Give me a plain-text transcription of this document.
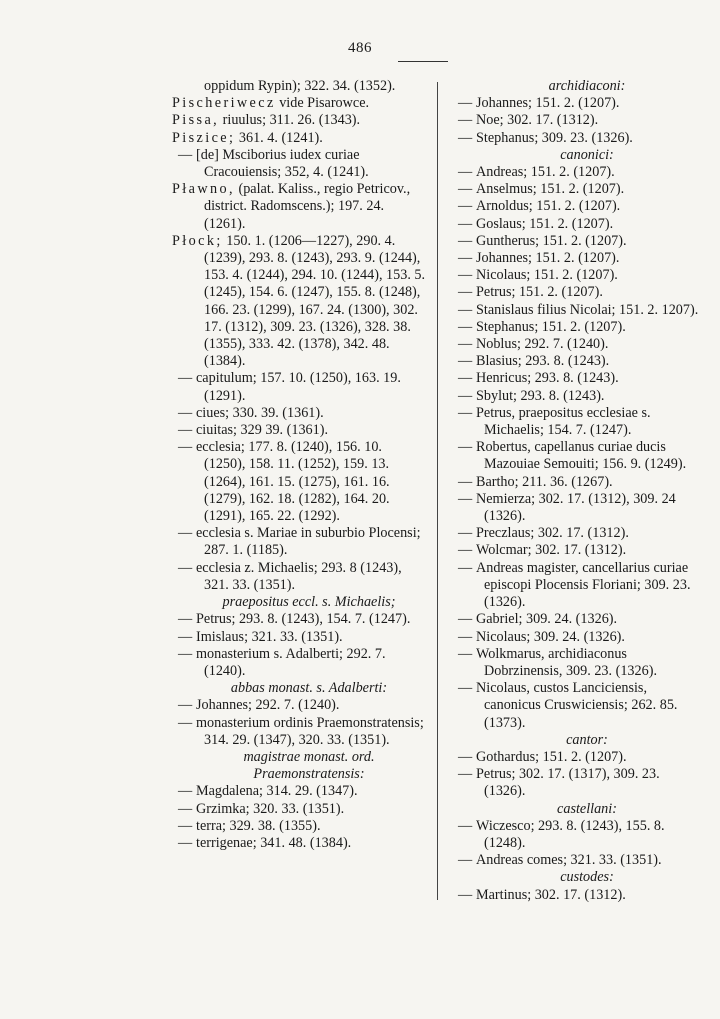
486

oppidum Rypin); 322. 34. (1352).

Pischeriwecz vide Pisarowce.

Pissa, riuulus; 311. 26. (1343).

Piszice; 361. 4. (1241).

— [de] Msciborius iudex curiae Cracouiensis; 352, 4. (1241).

Pławno, (palat. Kaliss., regio Petricov., district. Radomscens.); 197. 24. (1261).

Płock; 150. 1. (1206—1227), 290. 4. (1239), 293. 8. (1243), 293. 9. (1244), 153. 4. (1244), 294. 10. (1244), 153. 5. (1245), 154. 6. (1247), 155. 8. (1248), 166. 23. (1299), 167. 24. (1300), 302. 17. (1312), 309. 23. (1326), 328. 38. (1355), 333. 42. (1378), 342. 48. (1384).

— capitulum; 157. 10. (1250), 163. 19. (1291).

— ciues; 330. 39. (1361).

— ciuitas; 329 39. (1361).

— ecclesia; 177. 8. (1240), 156. 10. (1250), 158. 11. (1252), 159. 13. (1264), 161. 15. (1275), 161. 16. (1279), 162. 18. (1282), 164. 20. (1291), 165. 22. (1292).

— ecclesia s. Mariae in suburbio Plocensi; 287. 1. (1185).

— ecclesia z. Michaelis; 293. 8 (1243), 321. 33. (1351).

praepositus eccl. s. Michaelis;

— Petrus; 293. 8. (1243), 154. 7. (1247).

— Imislaus; 321. 33. (1351).

— monasterium s. Adalberti; 292. 7. (1240).

abbas monast. s. Adalberti:

— Johannes; 292. 7. (1240).

— monasterium ordinis Praemonstratensis; 314. 29. (1347), 320. 33. (1351).

magistrae monast. ord. Praemonstratensis:

— Magdalena; 314. 29. (1347).

— Grzimka; 320. 33. (1351).

— terra; 329. 38. (1355).

— terrigenae; 341. 48. (1384).

archidiaconi:

— Johannes; 151. 2. (1207).

— Noe; 302. 17. (1312).

— Stephanus; 309. 23. (1326).

canonici:

— Andreas; 151. 2. (1207).

— Anselmus; 151. 2. (1207).

— Arnoldus; 151. 2. (1207).

— Goslaus; 151. 2. (1207).

— Guntherus; 151. 2. (1207).

— Johannes; 151. 2. (1207).

— Nicolaus; 151. 2. (1207).

— Petrus; 151. 2. (1207).

— Stanislaus filius Nicolai; 151. 2. 1207).

— Stephanus; 151. 2. (1207).

— Noblus; 292. 7. (1240).

— Blasius; 293. 8. (1243).

— Henricus; 293. 8. (1243).

— Sbylut; 293. 8. (1243).

— Petrus, praepositus ecclesiae s. Michaelis; 154. 7. (1247).

— Robertus, capellanus curiae ducis Mazouiae Semouiti; 156. 9. (1249).

— Bartho; 211. 36. (1267).

— Nemierza; 302. 17. (1312), 309. 24 (1326).

— Preczlaus; 302. 17. (1312).

— Wolcmar; 302. 17. (1312).

— Andreas magister, cancellarius curiae episcopi Plocensis Floriani; 309. 23. (1326).

— Gabriel; 309. 24. (1326).

— Nicolaus; 309. 24. (1326).

— Wolkmarus, archidiaconus Dobrzinensis, 309. 23. (1326).

— Nicolaus, custos Lanciciensis, canonicus Cruswiciensis; 262. 85. (1373).

cantor:

— Gothardus; 151. 2. (1207).

— Petrus; 302. 17. (1317), 309. 23. (1326).

castellani:

— Wiczesco; 293. 8. (1243), 155. 8. (1248).

— Andreas comes; 321. 33. (1351).

custodes:

— Martinus; 302. 17. (1312).
